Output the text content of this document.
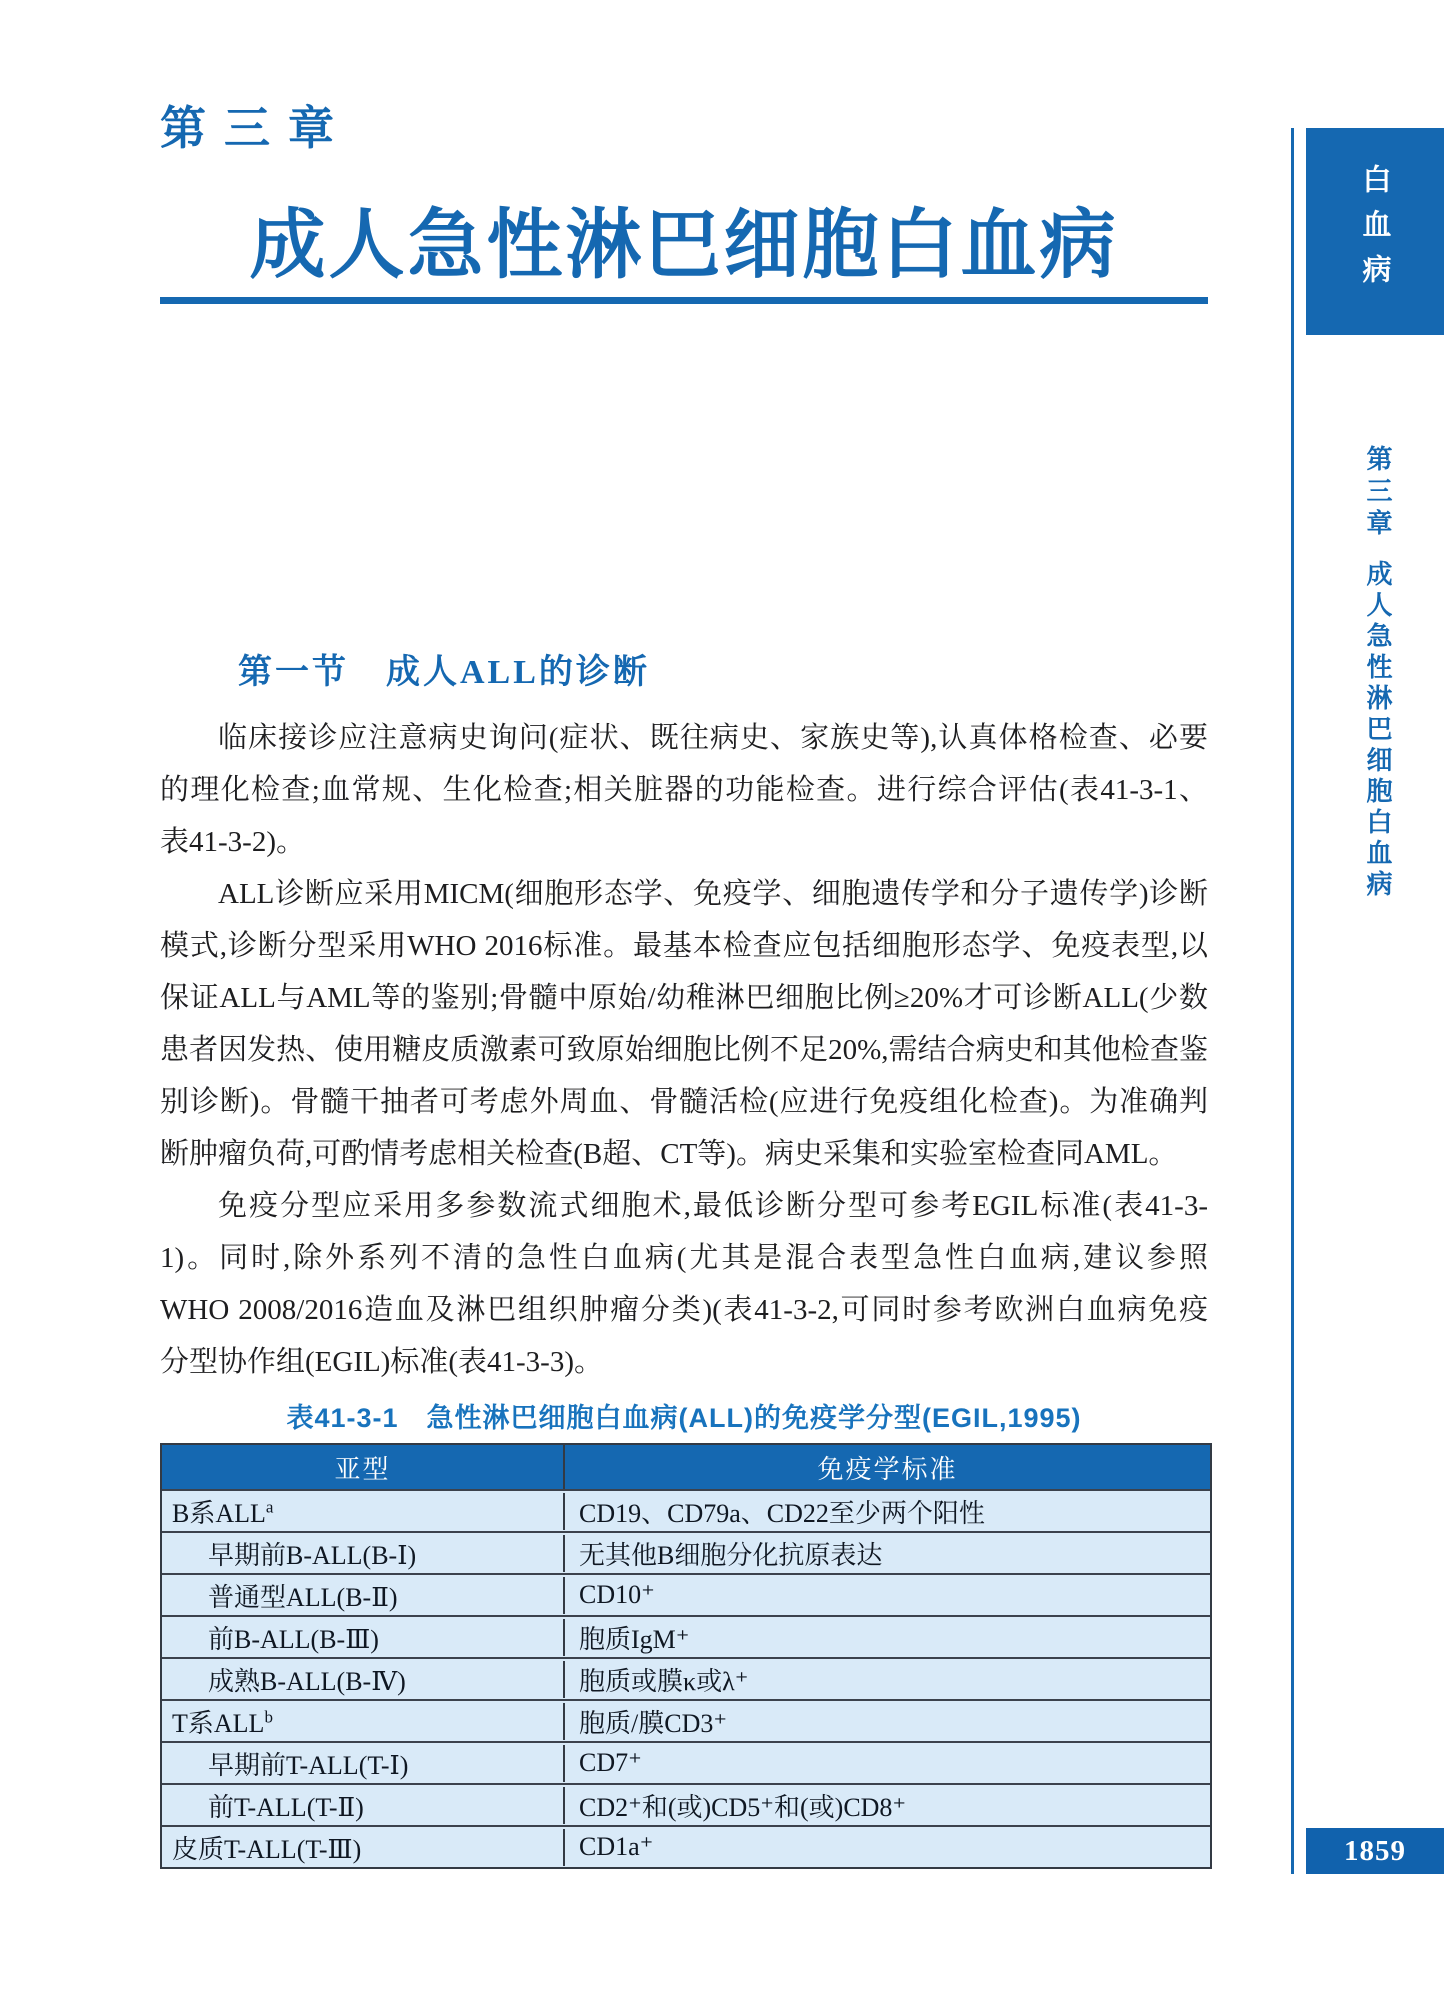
第三章
成人急性淋巴细胞白血病
第一节　成人ALL的诊断
临床接诊应注意病史询问(症状、既往病史、家族史等),认真体格检查、必要
的理化检查;血常规、生化检查;相关脏器的功能检查。进行综合评估(表41-3-1、
表41-3-2)。
ALL诊断应采用MICM(细胞形态学、免疫学、细胞遗传学和分子遗传学)诊断
模式,诊断分型采用WHO 2016标准。最基本检查应包括细胞形态学、免疫表型,以
保证ALL与AML等的鉴别;骨髓中原始/幼稚淋巴细胞比例≥20%才可诊断ALL(少数
患者因发热、使用糖皮质激素可致原始细胞比例不足20%,需结合病史和其他检查鉴
别诊断)。骨髓干抽者可考虑外周血、骨髓活检(应进行免疫组化检查)。为准确判
断肿瘤负荷,可酌情考虑相关检查(B超、CT等)。病史采集和实验室检查同AML。
免疫分型应采用多参数流式细胞术,最低诊断分型可参考EGIL标准(表41-3-
1)。同时,除外系列不清的急性白血病(尤其是混合表型急性白血病,建议参照
WHO 2008/2016造血及淋巴组织肿瘤分类)(表41-3-2,可同时参考欧洲白血病免疫
分型协作组(EGIL)标准(表41-3-3)。
表41-3-1　急性淋巴细胞白血病(ALL)的免疫学分型(EGIL,1995)
亚型	免疫学标准
B系ALL$^a$	CD19、CD79a、CD22至少两个阳性
早期前B-ALL(B-Ⅰ)	无其他B细胞分化抗原表达
普通型ALL(B-Ⅱ)	CD10⁺
前B-ALL(B-Ⅲ)	胞质IgM⁺
成熟B-ALL(B-Ⅳ)	胞质或膜κ或λ⁺
T系ALL$^b$	胞质/膜CD3⁺
早期前T-ALL(T-Ⅰ)	CD7⁺
前T-ALL(T-Ⅱ)	CD2⁺和(或)CD5⁺和(或)CD8⁺
皮质T-ALL(T-Ⅲ)	CD1a⁺
白血病
第三章
成人急性淋巴细胞白血病
1859
